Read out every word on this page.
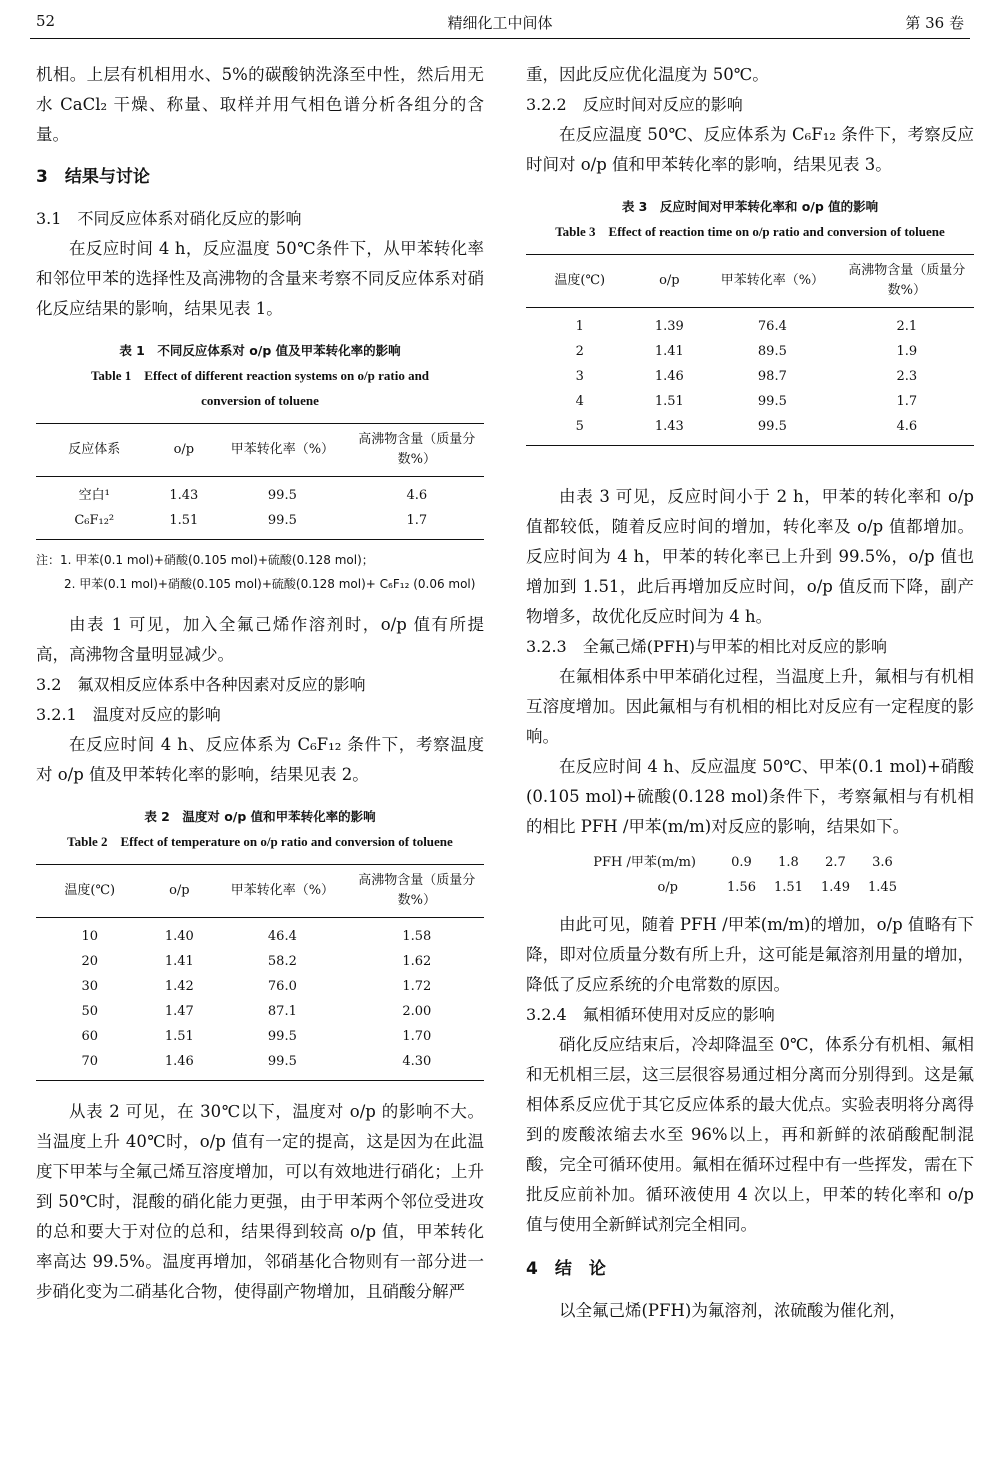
52	精细化工中间体	第 36 卷

机相。上层有机相用水、5%的碳酸钠洗涤至中性，然后用无水 CaCl₂ 干燥、称量、取样并用气相色谱分析各组分的含量。

3　结果与讨论
3.1　不同反应体系对硝化反应的影响

在反应时间 4 h，反应温度 50℃条件下，从甲苯转化率和邻位甲苯的选择性及高沸物的含量来考察不同反应体系对硝化反应结果的影响，结果见表 1。

表 1　不同反应体系对 o/p 值及甲苯转化率的影响
Table 1　Effect of different reaction systems on o/p ratio and conversion of toluene
反应体系	o/p	甲苯转化率（%）	高沸物含量（质量分数%）
空白¹	1.43	99.5	4.6
C₆F₁₂²	1.51	99.5	1.7
注：1. 甲苯(0.1 mol)+硝酸(0.105 mol)+硫酸(0.128 mol)；
2. 甲苯(0.1 mol)+硝酸(0.105 mol)+硫酸(0.128 mol)+ C₆F₁₂ (0.06 mol)

由表 1 可见，加入全氟己烯作溶剂时，o/p 值有所提高，高沸物含量明显减少。

3.2　氟双相反应体系中各种因素对反应的影响
3.2.1　温度对反应的影响

在反应时间 4 h、反应体系为 C₆F₁₂ 条件下，考察温度对 o/p 值及甲苯转化率的影响，结果见表 2。

表 2　温度对 o/p 值和甲苯转化率的影响
Table 2　Effect of temperature on o/p ratio and conversion of toluene
温度(℃)	o/p	甲苯转化率（%）	高沸物含量（质量分数%）
10	1.40	46.4	1.58
20	1.41	58.2	1.62
30	1.42	76.0	1.72
50	1.47	87.1	2.00
60	1.51	99.5	1.70
70	1.46	99.5	4.30

从表 2 可见，在 30℃以下，温度对 o/p 的影响不大。当温度上升 40℃时，o/p 值有一定的提高，这是因为在此温度下甲苯与全氟己烯互溶度增加，可以有效地进行硝化；上升到 50℃时，混酸的硝化能力更强，由于甲苯两个邻位受进攻的总和要大于对位的总和，结果得到较高 o/p 值，甲苯转化率高达 99.5%。温度再增加，邻硝基化合物则有一部分进一步硝化变为二硝基化合物，使得副产物增加，且硝酸分解严

重，因此反应优化温度为 50℃。

3.2.2　反应时间对反应的影响

在反应温度 50℃、反应体系为 C₆F₁₂ 条件下，考察反应时间对 o/p 值和甲苯转化率的影响，结果见表 3。

表 3　反应时间对甲苯转化率和 o/p 值的影响
Table 3　Effect of reaction time on o/p ratio and conversion of toluene
温度(℃)	o/p	甲苯转化率（%）	高沸物含量（质量分数%）
1	1.39	76.4	2.1
2	1.41	89.5	1.9
3	1.46	98.7	2.3
4	1.51	99.5	1.7
5	1.43	99.5	4.6

由表 3 可见，反应时间小于 2 h，甲苯的转化率和 o/p 值都较低，随着反应时间的增加，转化率及 o/p 值都增加。反应时间为 4 h，甲苯的转化率已上升到 99.5%，o/p 值也增加到 1.51，此后再增加反应时间，o/p 值反而下降，副产物增多，故优化反应时间为 4 h。

3.2.3　全氟己烯(PFH)与甲苯的相比对反应的影响

在氟相体系中甲苯硝化过程，当温度上升，氟相与有机相互溶度增加。因此氟相与有机相的相比对反应有一定程度的影响。

在反应时间 4 h、反应温度 50℃、甲苯(0.1 mol)+硝酸(0.105 mol)+硫酸(0.128 mol)条件下，考察氟相与有机相的相比 PFH /甲苯(m/m)对反应的影响，结果如下。

PFH /甲苯(m/m)	0.9	1.8	2.7	3.6
o/p	1.56	1.51	1.49	1.45

由此可见，随着 PFH /甲苯(m/m)的增加，o/p 值略有下降，即对位质量分数有所上升，这可能是氟溶剂用量的增加，降低了反应系统的介电常数的原因。

3.2.4　氟相循环使用对反应的影响

硝化反应结束后，冷却降温至 0℃，体系分有机相、氟相和无机相三层，这三层很容易通过相分离而分别得到。这是氟相体系反应优于其它反应体系的最大优点。实验表明将分离得到的废酸浓缩去水至 96%以上，再和新鲜的浓硝酸配制混酸，完全可循环使用。氟相在循环过程中有一些挥发，需在下批反应前补加。循环液使用 4 次以上，甲苯的转化率和 o/p 值与使用全新鲜试剂完全相同。

4　结　论

以全氟己烯(PFH)为氟溶剂，浓硫酸为催化剂，
